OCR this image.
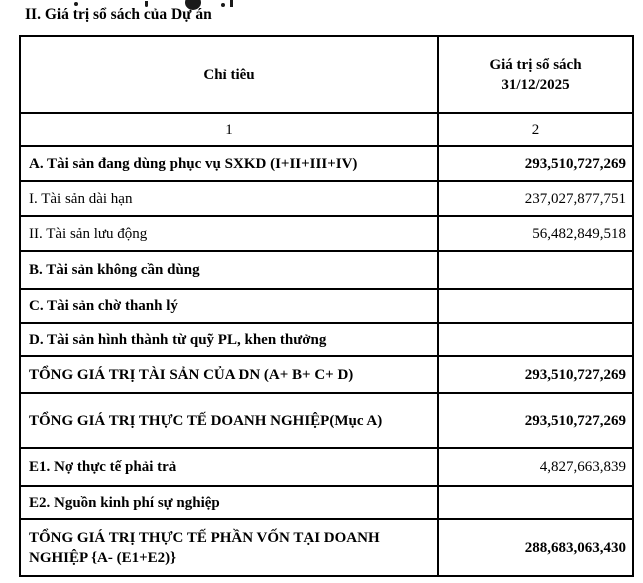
II. Giá trị sổ sách của Dự án
Chỉ tiêu	Giá trị sổ sách
31/12/2025

1	2
A. Tài sản đang dùng phục vụ SXKD (I+II+III+IV)	293,510,727,269
I. Tài sản dài hạn	237,027,877,751
II. Tài sản lưu động	56,482,849,518
B. Tài sản không cần dùng	
C. Tài sản chờ thanh lý	
D. Tài sản hình thành từ quỹ PL, khen thưởng	
TỔNG GIÁ TRỊ TÀI SẢN CỦA DN (A+ B+ C+ D)	293,510,727,269
TỔNG GIÁ TRỊ THỰC TẾ DOANH NGHIỆP(Mục A)	293,510,727,269
E1. Nợ thực tế phải trả	4,827,663,839
E2. Nguồn kinh phí sự nghiệp	
TỔNG GIÁ TRỊ THỰC TẾ PHẦN VỐN TẠI DOANH NGHIỆP {A- (E1+E2)}	288,683,063,430
